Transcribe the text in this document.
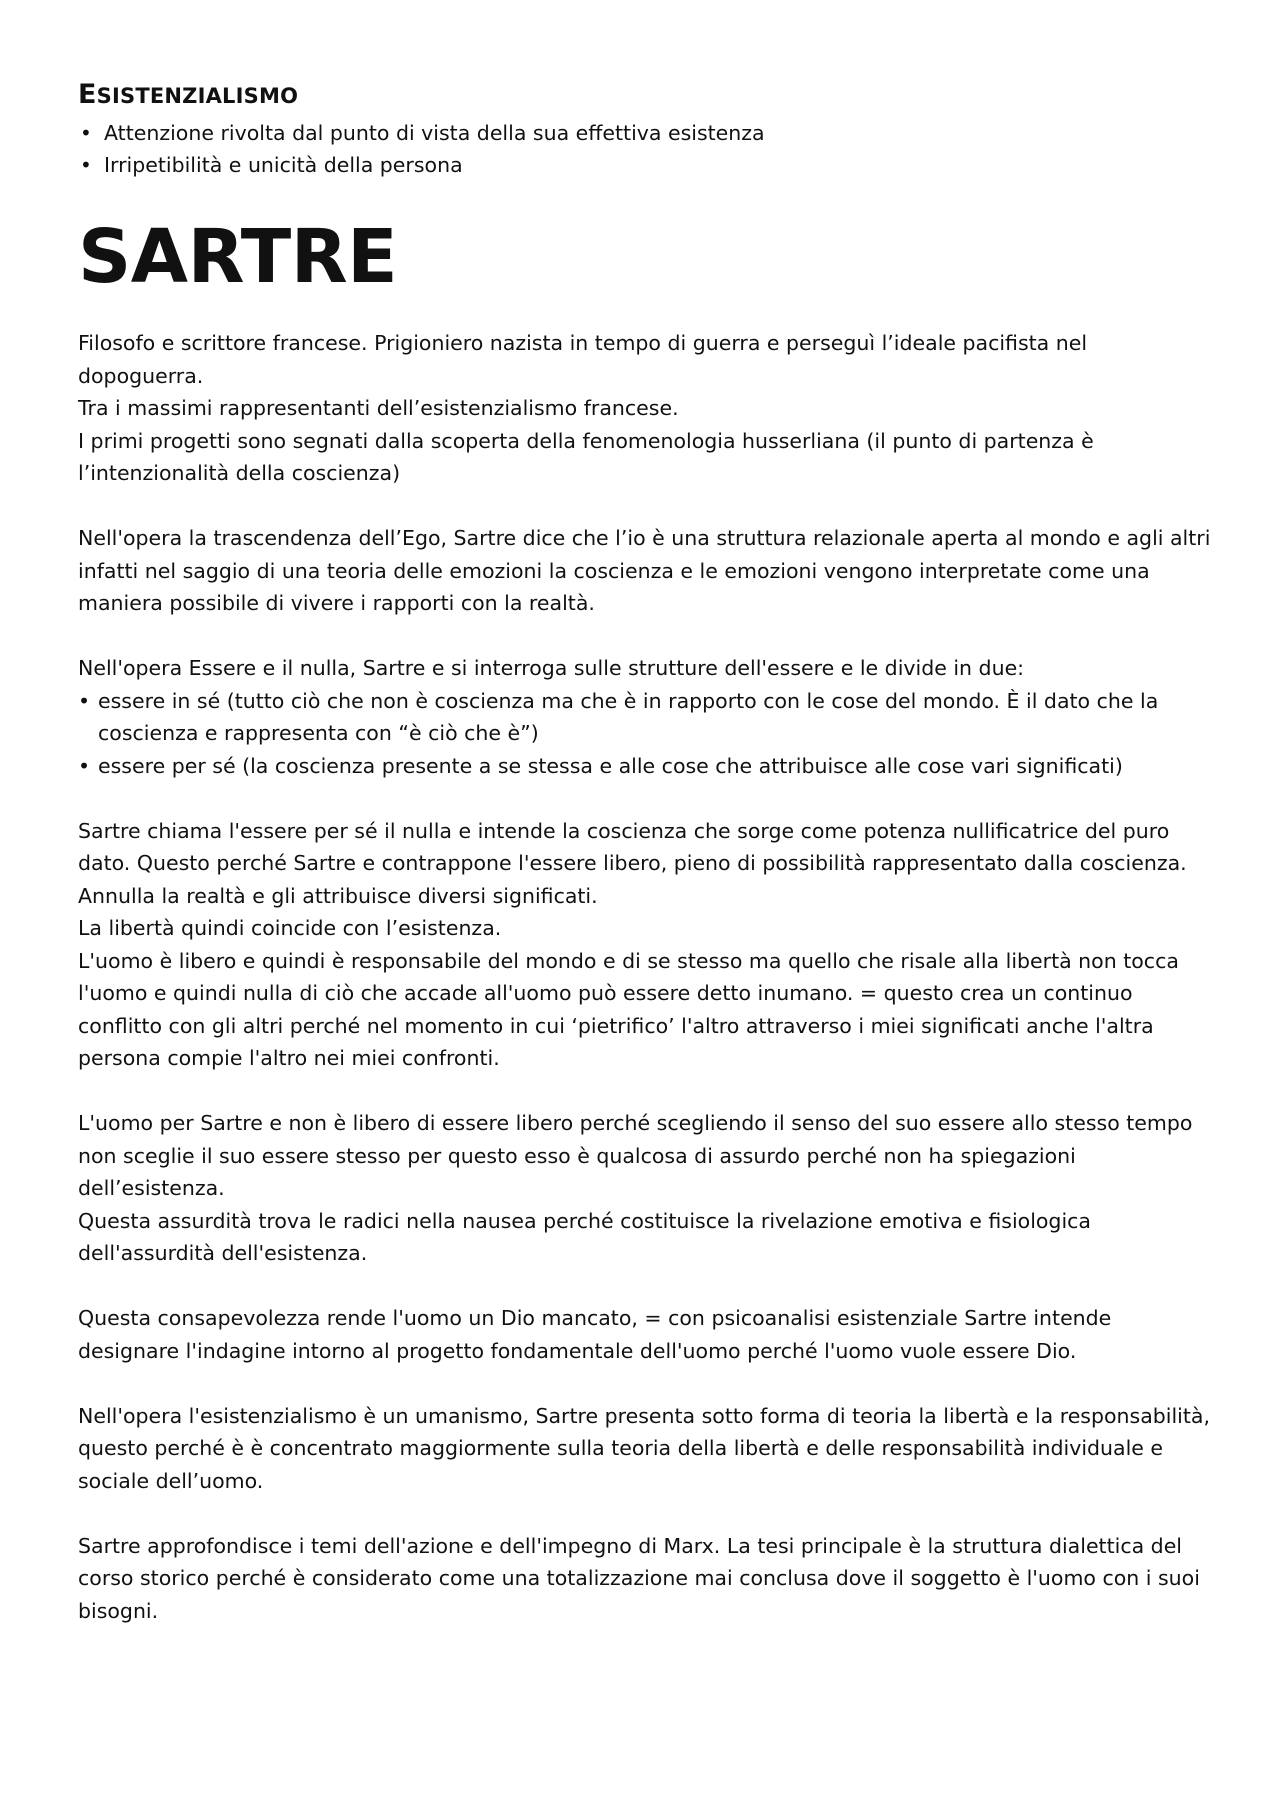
ESISTENZIALISMO
• Attenzione rivolta dal punto di vista della sua effettiva esistenza
• Irripetibilità e unicità della persona
SARTRE

Filosofo e scrittore francese. Prigioniero nazista in tempo di guerra e perseguì l’ideale pacifista nel dopoguerra.
Tra i massimi rappresentanti dell’esistenzialismo francese.
I primi progetti sono segnati dalla scoperta della fenomenologia husserliana (il punto di partenza è l’intenzionalità della coscienza)

Nell'opera la trascendenza dell’Ego, Sartre dice che l’io è una struttura relazionale aperta al mondo e agli altri infatti nel saggio di una teoria delle emozioni la coscienza e le emozioni vengono interpretate come una maniera possibile di vivere i rapporti con la realtà.

Nell'opera Essere e il nulla, Sartre e si interroga sulle strutture dell'essere e le divide in due:
• essere in sé (tutto ciò che non è coscienza ma che è in rapporto con le cose del mondo. È il dato che la coscienza e rappresenta con “è ciò che è”)
• essere per sé (la coscienza presente a se stessa e alle cose che attribuisce alle cose vari significati)

Sartre chiama l'essere per sé il nulla e intende la coscienza che sorge come potenza nullificatrice del puro dato. Questo perché Sartre e contrappone l'essere libero, pieno di possibilità rappresentato dalla coscienza. Annulla la realtà e gli attribuisce diversi significati.
La libertà quindi coincide con l’esistenza.
L'uomo è libero e quindi è responsabile del mondo e di se stesso ma quello che risale alla libertà non tocca l'uomo e quindi nulla di ciò che accade all'uomo può essere detto inumano. = questo crea un continuo conflitto con gli altri perché nel momento in cui ‘pietrifico’ l'altro attraverso i miei significati anche l'altra persona compie l'altro nei miei confronti.

L'uomo per Sartre e non è libero di essere libero perché scegliendo il senso del suo essere allo stesso tempo non sceglie il suo essere stesso per questo esso è qualcosa di assurdo perché non ha spiegazioni dell’esistenza.
Questa assurdità trova le radici nella nausea perché costituisce la rivelazione emotiva e fisiologica dell'assurdità dell'esistenza.

Questa consapevolezza rende l'uomo un Dio mancato, = con psicoanalisi esistenziale Sartre intende designare l'indagine intorno al progetto fondamentale dell'uomo perché l'uomo vuole essere Dio.

Nell'opera l'esistenzialismo è un umanismo, Sartre presenta sotto forma di teoria la libertà e la responsabilità, questo perché è è concentrato maggiormente sulla teoria della libertà e delle responsabilità individuale e sociale dell’uomo.

Sartre approfondisce i temi dell'azione e dell'impegno di Marx. La tesi principale è la struttura dialettica del corso storico perché è considerato come una totalizzazione mai conclusa dove il soggetto è l'uomo con i suoi bisogni.
